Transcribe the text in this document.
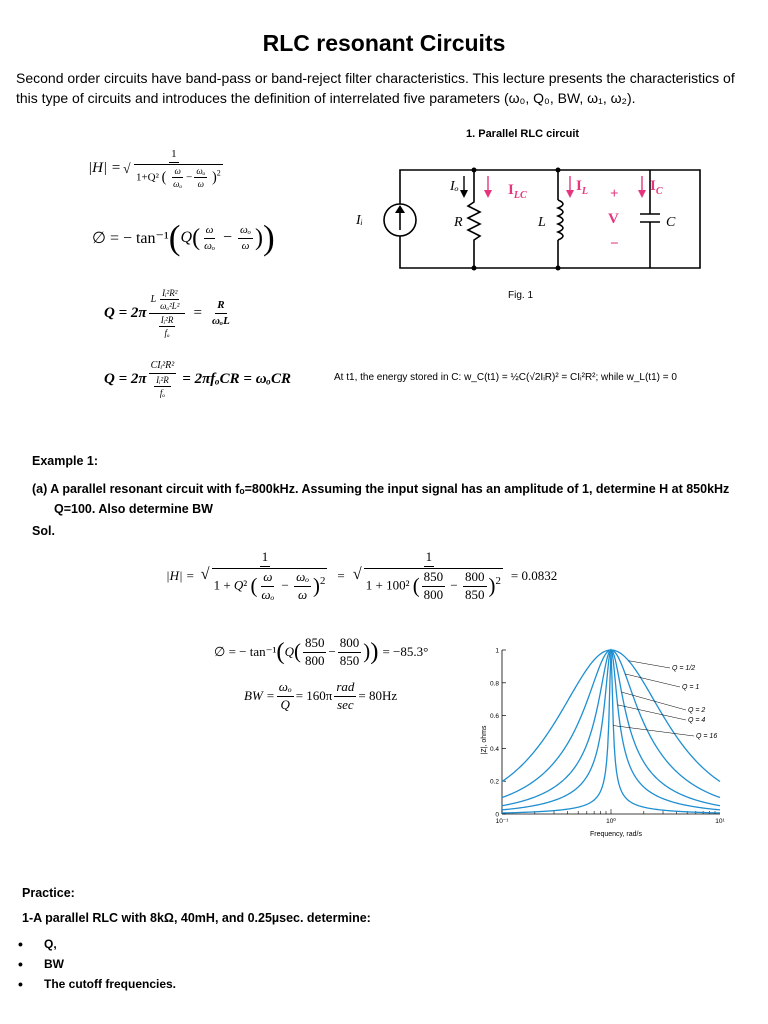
RLC resonant Circuits
Second order circuits have band-pass or band-reject filter characteristics. This lecture presents the characteristics of this type of circuits and introduces the definition of interrelated five parameters (ω₀, Q₀, BW, ω₁, ω₂).
|H| = 1
√ 1+Q² ( $\frac{\omega}{\text{ωₒ}} - \frac{\text{ωₒ}}{\omega} )^2$
∅ = − tan⁻¹ ( Q ( $\frac{\omega}{\text{ωₒ}} - \frac{\text{ωₒ}}{\omega}$ ) )
$Q = 2\pi \frac{L \frac{\text{Iᵢ²R²}}{\text{ωₒ²L²}}}{\frac{\text{Iᵢ²R}}{\text{fₒ}}} = \frac{R}{\text{ωₒL}}$
$Q = 2\pi \frac{\text{CIᵢ²R²}}{\frac{\text{Iᵢ²R}}{\text{fₒ}}} = 2\pi f_oCR = \omega_oCR$
1. Parallel RLC circuit
Iᵢ
Iₒ
R	L	C
$I_{LC}$
$I_L$	$I_C$
+
V
−
Fig. 1
At t1, the energy stored in C: w_C(t1) = ½C(√2IᵢR)² = CIᵢ²R²; while w_L(t1) = 0
Example 1:
(a) A parallel resonant circuit with fₒ=800kHz. Assuming the input signal has an amplitude of 1, determine H at 850kHz Q=100. Also determine BW
Sol.
|H| = 1
√ 1 + Q² ( $\frac{\omega}{\text{ωₒ}} - \frac{\text{ωₒ}}{\omega} )^2 = 1$
√ 1 + 100² ( $\frac{850}{800} - \frac{800}{850} )^2 = 0.0832$
∅ = − tan⁻¹ ( Q ( $\frac{850}{800} - \frac{800}{850}$ ) ) = −85.3°
BW = $\frac{\text{ωₒ}}{Q} = 160\pi \frac{\text{rad}}{\sec} = 80Hz$
0
0.2
0.4
0.6
0.8
1
10⁻¹	10⁰	10¹
Q = 1/2
Q = 1
Q = 2
Q = 4
Q = 16
Frequency, rad/s
|Z|, ohms
Practice:
1-A parallel RLC with 8kΩ, 40mH, and 0.25µsec. determine:
• Q,
• BW
• The cutoff frequencies.
